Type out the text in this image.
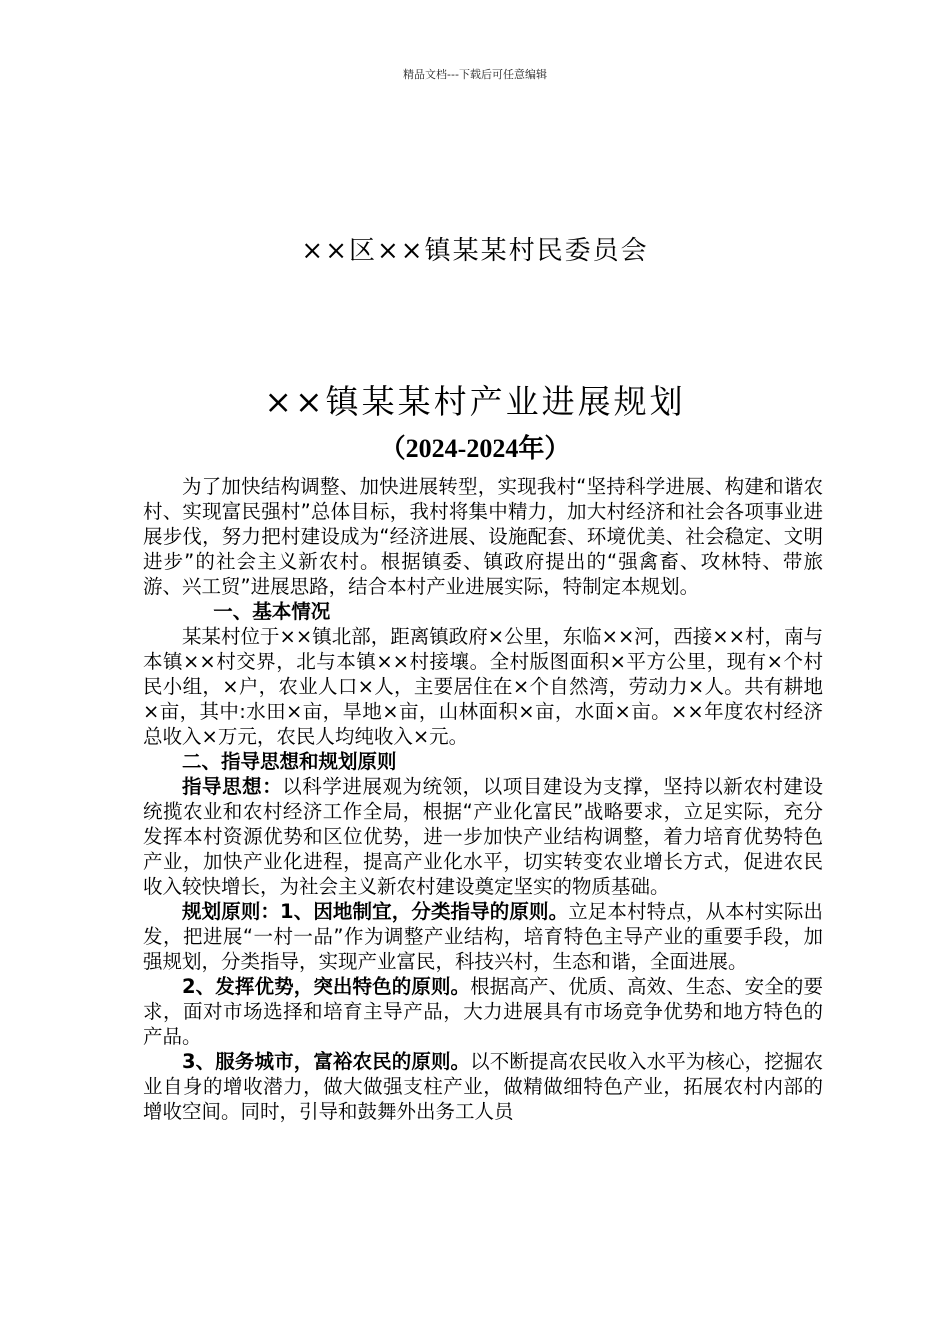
精品文档---下载后可任意编辑
××区××镇某某村民委员会
××镇某某村产业进展规划
（2024-2024年）

为了加快结构调整、加快进展转型，实现我村“坚持科学进展、构建和谐农村、实现富民强村”总体目标，我村将集中精力，加大村经济和社会各项事业进展步伐，努力把村建设成为“经济进展、设施配套、环境优美、社会稳定、文明进步”的社会主义新农村。根据镇委、镇政府提出的“强禽畜、攻林特、带旅游、兴工贸”进展思路，结合本村产业进展实际，特制定本规划。

一、基本情况

某某村位于××镇北部，距离镇政府×公里，东临××河，西接××村，南与本镇××村交界，北与本镇××村接壤。全村版图面积×平方公里，现有×个村民小组，×户，农业人口×人，主要居住在×个自然湾，劳动力×人。共有耕地×亩，其中:水田×亩，旱地×亩，山林面积×亩，水面×亩。××年度农村经济总收入×万元，农民人均纯收入×元。

二、指导思想和规划原则

指导思想：以科学进展观为统领，以项目建设为支撑，坚持以新农村建设统揽农业和农村经济工作全局，根据“产业化富民”战略要求，立足实际，充分发挥本村资源优势和区位优势，进一步加快产业结构调整，着力培育优势特色产业，加快产业化进程，提高产业化水平，切实转变农业增长方式，促进农民收入较快增长，为社会主义新农村建设奠定坚实的物质基础。

规划原则：1、因地制宜，分类指导的原则。立足本村特点，从本村实际出发，把进展“一村一品”作为调整产业结构，培育特色主导产业的重要手段，加强规划，分类指导，实现产业富民，科技兴村，生态和谐，全面进展。

2、发挥优势，突出特色的原则。根据高产、优质、高效、生态、安全的要求，面对市场选择和培育主导产品，大力进展具有市场竞争优势和地方特色的产品。

3、服务城市，富裕农民的原则。以不断提高农民收入水平为核心，挖掘农业自身的增收潜力，做大做强支柱产业，做精做细特色产业，拓展农村内部的增收空间。同时，引导和鼓舞外出务工人员
